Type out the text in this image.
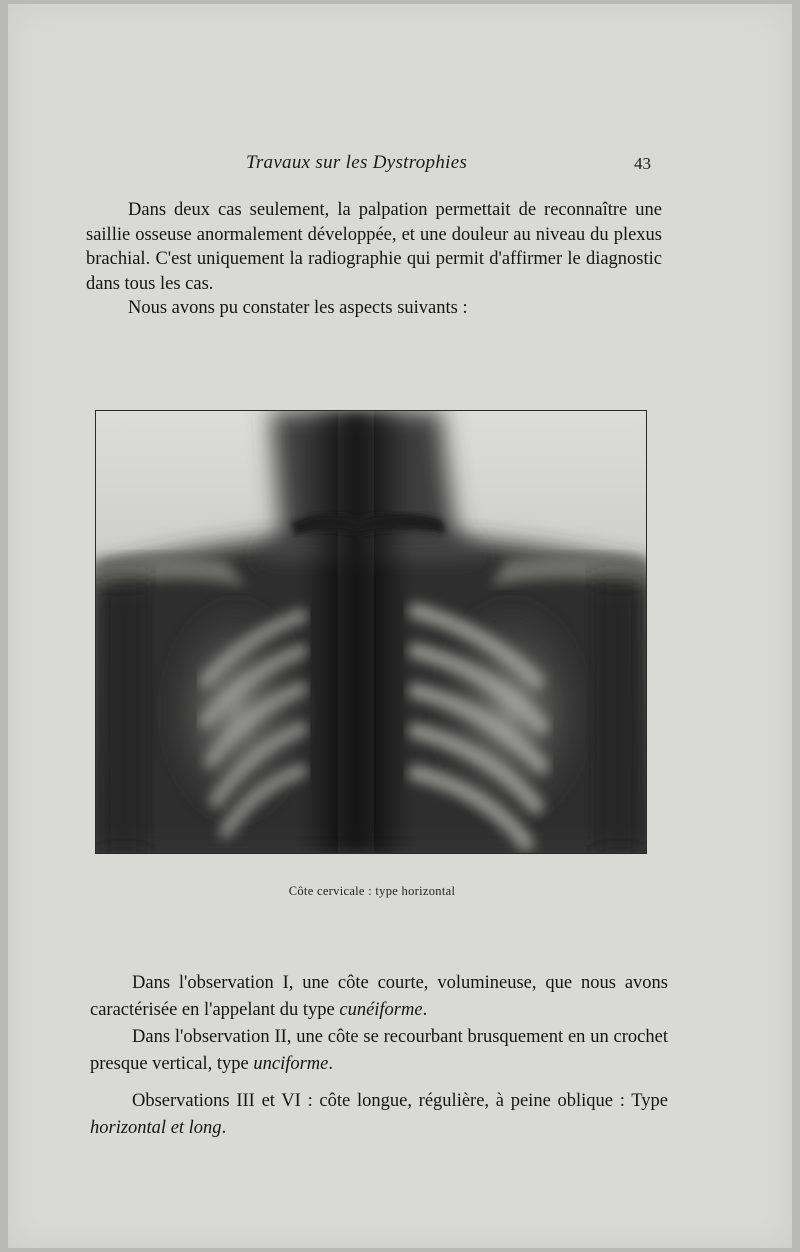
Travaux sur les Dystrophies	43

Dans deux cas seulement, la palpation permettait de reconnaître une saillie osseuse anormalement développée, et une douleur au niveau du plexus brachial. C'est uniquement la radiographie qui permit d'affirmer le diagnostic dans tous les cas.

Nous avons pu constater les aspects suivants :

Côte cervicale : type horizontal

Dans l'observation I, une côte courte, volumineuse, que nous avons caractérisée en l'appelant du type cunéiforme.

Dans l'observation II, une côte se recourbant brusquement en un crochet presque vertical, type unciforme.

Observations III et VI : côte longue, régulière, à peine oblique : Type horizontal et long.
